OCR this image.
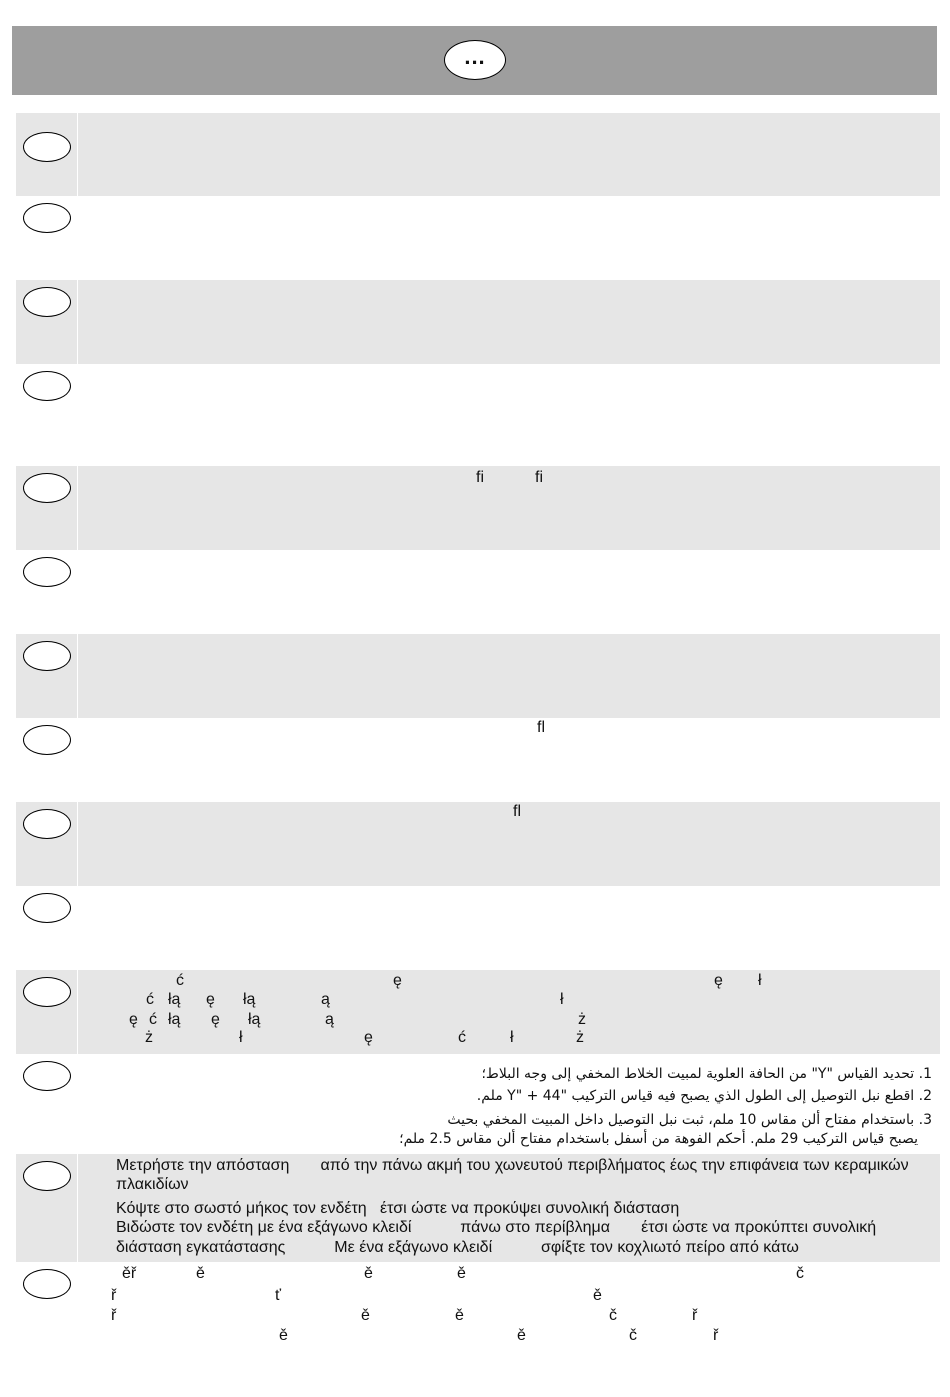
...
fi	fi
fl
fl
ć	ę	ę ł
ć łą ę łą	ą	ł
ę ć łą ę łą	ą	ż
ż	ł	ę	ć	ł	ż
1. تحديد القياس "Y" من الحافة العلوية لمبيت الخلاط المخفي إلى وجه البلاط؛
2. اقطع نبل التوصيل إلى الطول الذي يصبح فيه قياس التركيب "Y" + 44 ملم.
3. باستخدام مفتاح ألن مقاس 10 ملم، ثبت نبل التوصيل داخل المبيت المخفي بحيث
يصبح قياس التركيب 29 ملم. أحكم الفوهة من أسفل باستخدام مفتاح ألن مقاس 2.5 ملم؛
Μετρήστε την απόσταση       από την πάνω ακμή του χωνευτού περιβλήματος έως την επιφάνεια των κεραμικών
πλακιδίων
Κόψτε στο σωστό μήκος τον ενδέτη   έτσι ώστε να προκύψει συνολική διάσταση
Βιδώστε τον ενδέτη με ένα εξάγωνο κλειδί           πάνω στο περίβλημα       έτσι ώστε να προκύπτει συνολική
διάσταση εγκατάστασης           Με ένα εξάγωνο κλειδί           σφίξτε τον κοχλιωτό πείρο από κάτω
ěř	ě	ě	ě	č
ř	ť	ě
ř	ě	ě	č	ř
ě	ě	č	ř
